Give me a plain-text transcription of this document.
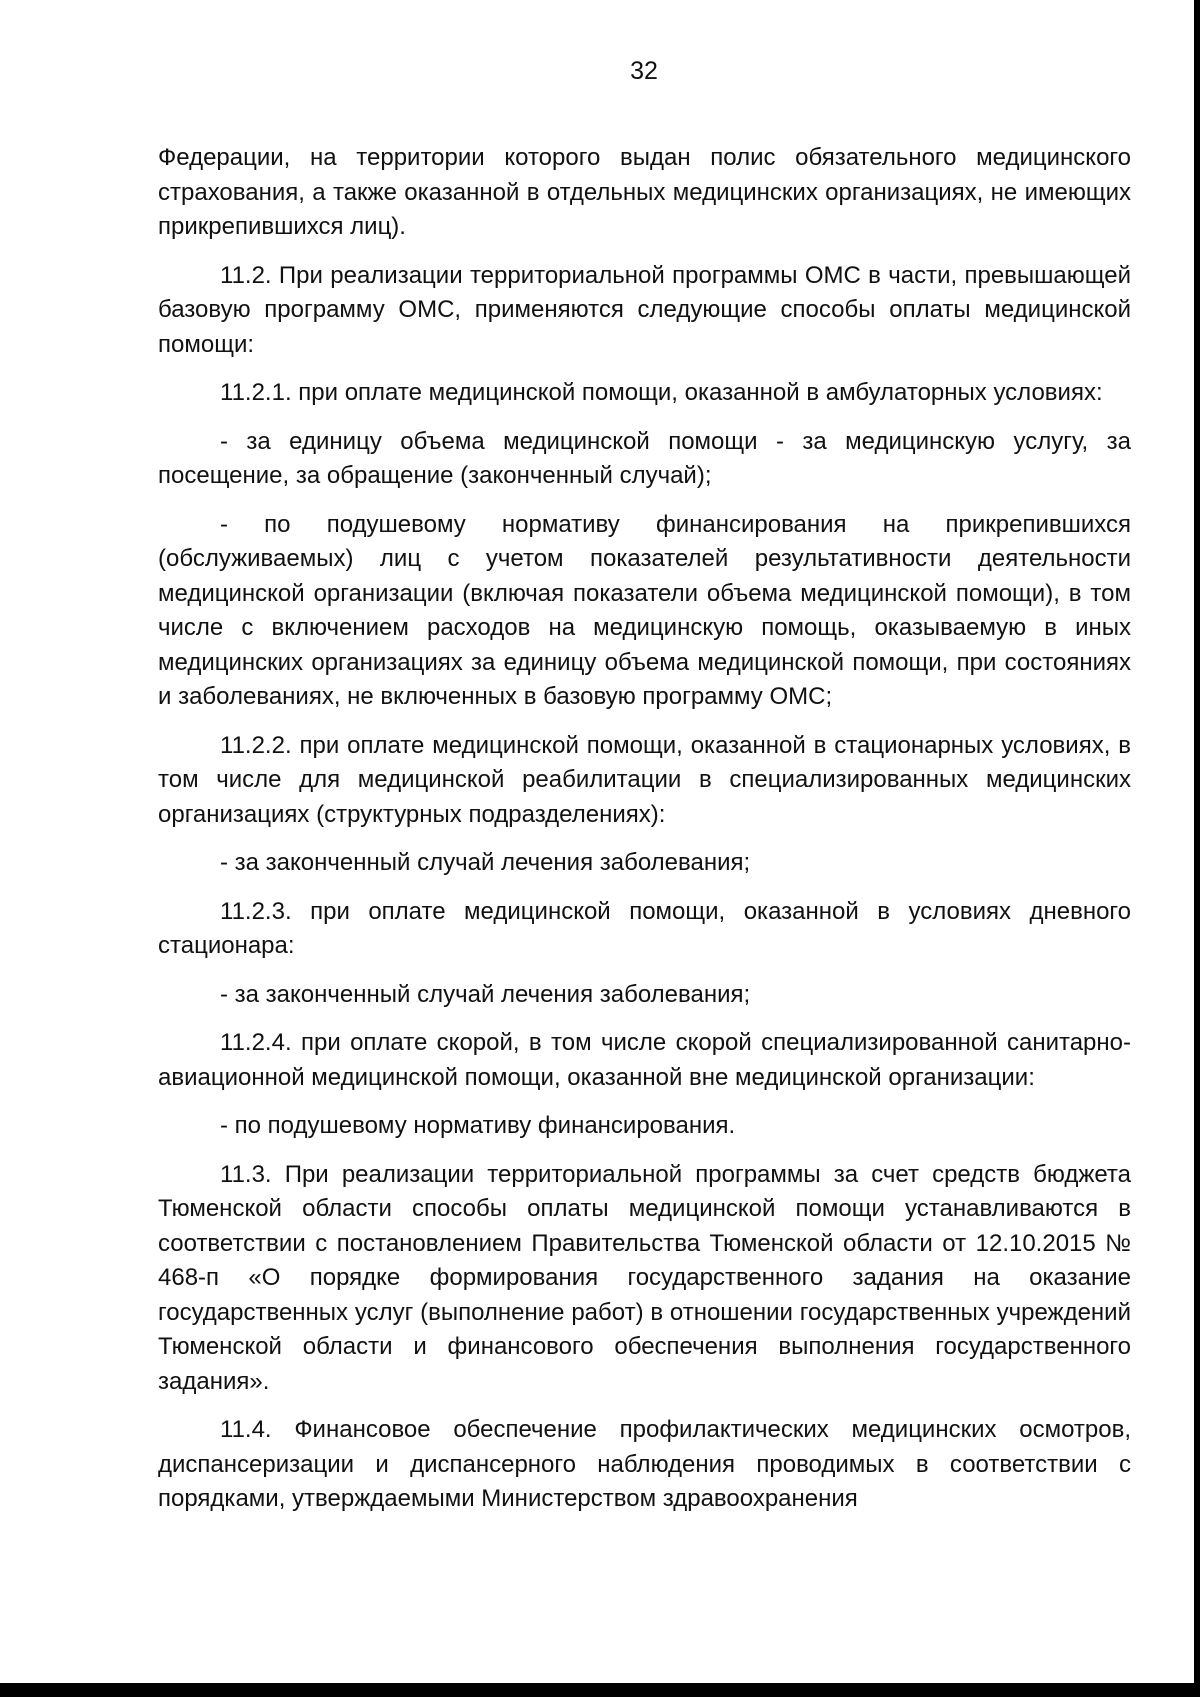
32

Федерации, на территории которого выдан полис обязательного медицинского страхования, а также оказанной в отдельных медицинских организациях, не имеющих прикрепившихся лиц).

11.2. При реализации территориальной программы ОМС в части, превышающей базовую программу ОМС, применяются следующие способы оплаты медицинской помощи:

11.2.1. при оплате медицинской помощи, оказанной в амбулаторных условиях:

- за единицу объема медицинской помощи - за медицинскую услугу, за посещение, за обращение (законченный случай);

- по подушевому нормативу финансирования на прикрепившихся (обслуживаемых) лиц с учетом показателей результативности деятельности медицинской организации (включая показатели объема медицинской помощи), в том числе с включением расходов на медицинскую помощь, оказываемую в иных медицинских организациях за единицу объема медицинской помощи, при состояниях и заболеваниях, не включенных в базовую программу ОМС;

11.2.2. при оплате медицинской помощи, оказанной в стационарных условиях, в том числе для медицинской реабилитации в специализированных медицинских организациях (структурных подразделениях):

- за законченный случай лечения заболевания;

11.2.3. при оплате медицинской помощи, оказанной в условиях дневного стационара:

- за законченный случай лечения заболевания;

11.2.4. при оплате скорой, в том числе скорой специализированной санитарно-авиационной медицинской помощи, оказанной вне медицинской организации:

- по подушевому нормативу финансирования.

11.3. При реализации территориальной программы за счет средств бюджета Тюменской области способы оплаты медицинской помощи устанавливаются в соответствии с постановлением Правительства Тюменской области от 12.10.2015 № 468-п «О порядке формирования государственного задания на оказание государственных услуг (выполнение работ) в отношении государственных учреждений Тюменской области и финансового обеспечения выполнения государственного задания».

11.4. Финансовое обеспечение профилактических медицинских осмотров, диспансеризации и диспансерного наблюдения проводимых в соответствии с порядками, утверждаемыми Министерством здравоохранения
